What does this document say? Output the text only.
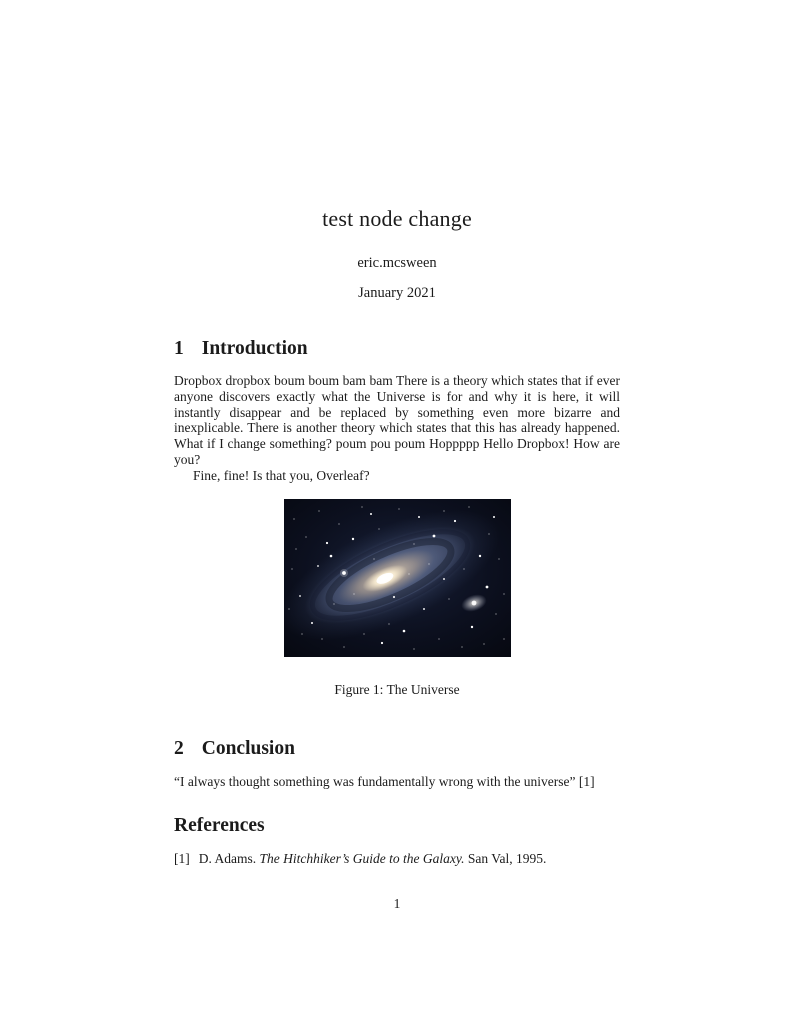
test node change
eric.mcsween
January 2021
1 Introduction

Dropbox dropbox boum boum bam bam There is a theory which states that if ever anyone discovers exactly what the Universe is for and why it is here, it will instantly disappear and be replaced by something even more bizarre and inexplicable. There is another theory which states that this has already happened. What if I change something? poum pou poum Hoppppp Hello Dropbox! How are you?

Fine, fine! Is that you, Overleaf?

Figure 1: The Universe
2 Conclusion

“I always thought something was fundamentally wrong with the universe” [1]

References
[1] D. Adams. The Hitchhiker’s Guide to the Galaxy. San Val, 1995.
1
